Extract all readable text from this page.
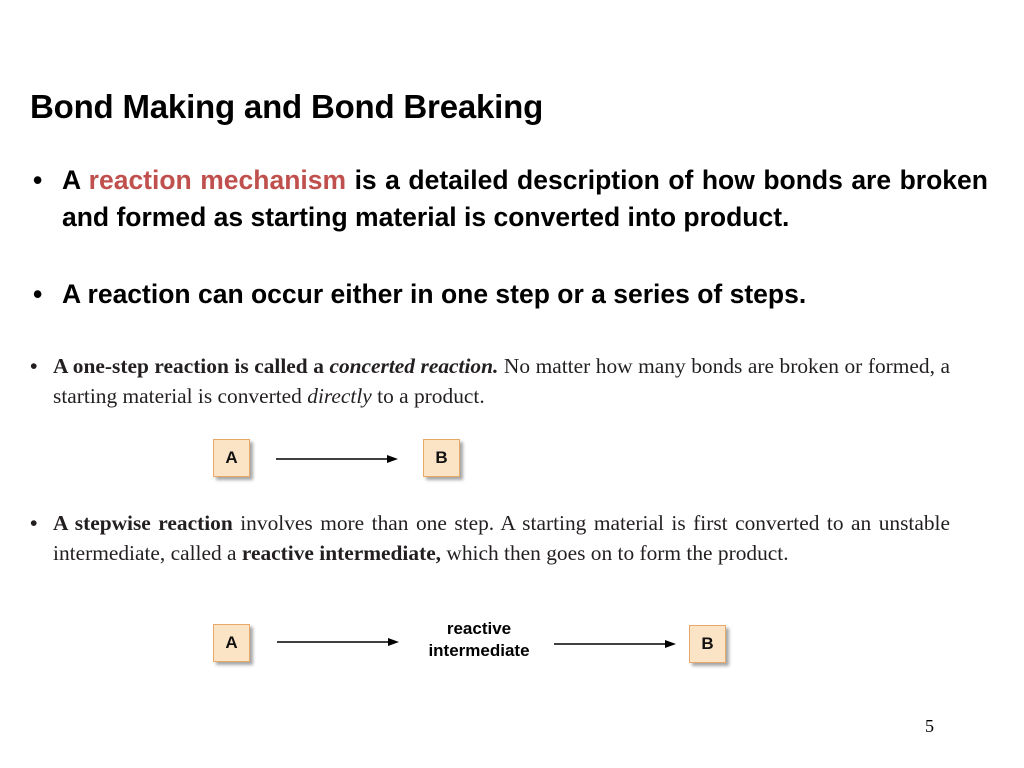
Bond Making and Bond Breaking
• A reaction mechanism is a detailed description of how bonds are broken and formed as starting material is converted into product.
• A reaction can occur either in one step or a series of steps.
• A one-step reaction is called a concerted reaction. No matter how many bonds are broken or formed, a starting material is converted directly to a product.
A	B
• A stepwise reaction involves more than one step. A starting material is first converted to an unstable intermediate, called a reactive intermediate, which then goes on to form the product.
A
reactive
intermediate	B
5
